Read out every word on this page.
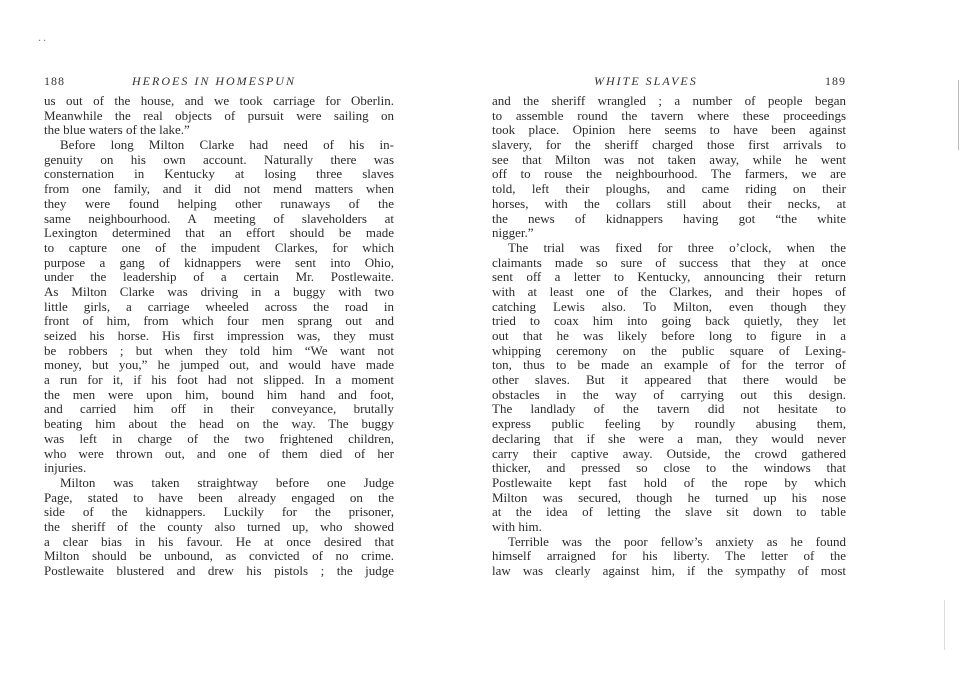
..
188	HEROES IN HOMESPUN
us out of the house, and we took carriage for Oberlin.
Meanwhile the real objects of pursuit were sailing on
the blue waters of the lake.”
Before long Milton Clarke had need of his in-
genuity on his own account. Naturally there was
consternation in Kentucky at losing three slaves
from one family, and it did not mend matters when
they were found helping other runaways of the
same neighbourhood. A meeting of slaveholders at
Lexington determined that an effort should be made
to capture one of the impudent Clarkes, for which
purpose a gang of kidnappers were sent into Ohio,
under the leadership of a certain Mr. Postlewaite.
As Milton Clarke was driving in a buggy with two
little girls, a carriage wheeled across the road in
front of him, from which four men sprang out and
seized his horse. His first impression was, they must
be robbers ; but when they told him “We want not
money, but you,” he jumped out, and would have made
a run for it, if his foot had not slipped. In a moment
the men were upon him, bound him hand and foot,
and carried him off in their conveyance, brutally
beating him about the head on the way. The buggy
was left in charge of the two frightened children,
who were thrown out, and one of them died of her
injuries.
Milton was taken straightway before one Judge
Page, stated to have been already engaged on the
side of the kidnappers. Luckily for the prisoner,
the sheriff of the county also turned up, who showed
a clear bias in his favour. He at once desired that
Milton should be unbound, as convicted of no crime.
Postlewaite blustered and drew his pistols ; the judge
WHITE SLAVES	189
and the sheriff wrangled ; a number of people began
to assemble round the tavern where these proceedings
took place. Opinion here seems to have been against
slavery, for the sheriff charged those first arrivals to
see that Milton was not taken away, while he went
off to rouse the neighbourhood. The farmers, we are
told, left their ploughs, and came riding on their
horses, with the collars still about their necks, at
the news of kidnappers having got “the white
nigger.”
The trial was fixed for three o’clock, when the
claimants made so sure of success that they at once
sent off a letter to Kentucky, announcing their return
with at least one of the Clarkes, and their hopes of
catching Lewis also. To Milton, even though they
tried to coax him into going back quietly, they let
out that he was likely before long to figure in a
whipping ceremony on the public square of Lexing-
ton, thus to be made an example of for the terror of
other slaves. But it appeared that there would be
obstacles in the way of carrying out this design.
The landlady of the tavern did not hesitate to
express public feeling by roundly abusing them,
declaring that if she were a man, they would never
carry their captive away. Outside, the crowd gathered
thicker, and pressed so close to the windows that
Postlewaite kept fast hold of the rope by which
Milton was secured, though he turned up his nose
at the idea of letting the slave sit down to table
with him.
Terrible was the poor fellow’s anxiety as he found
himself arraigned for his liberty. The letter of the
law was clearly against him, if the sympathy of most
